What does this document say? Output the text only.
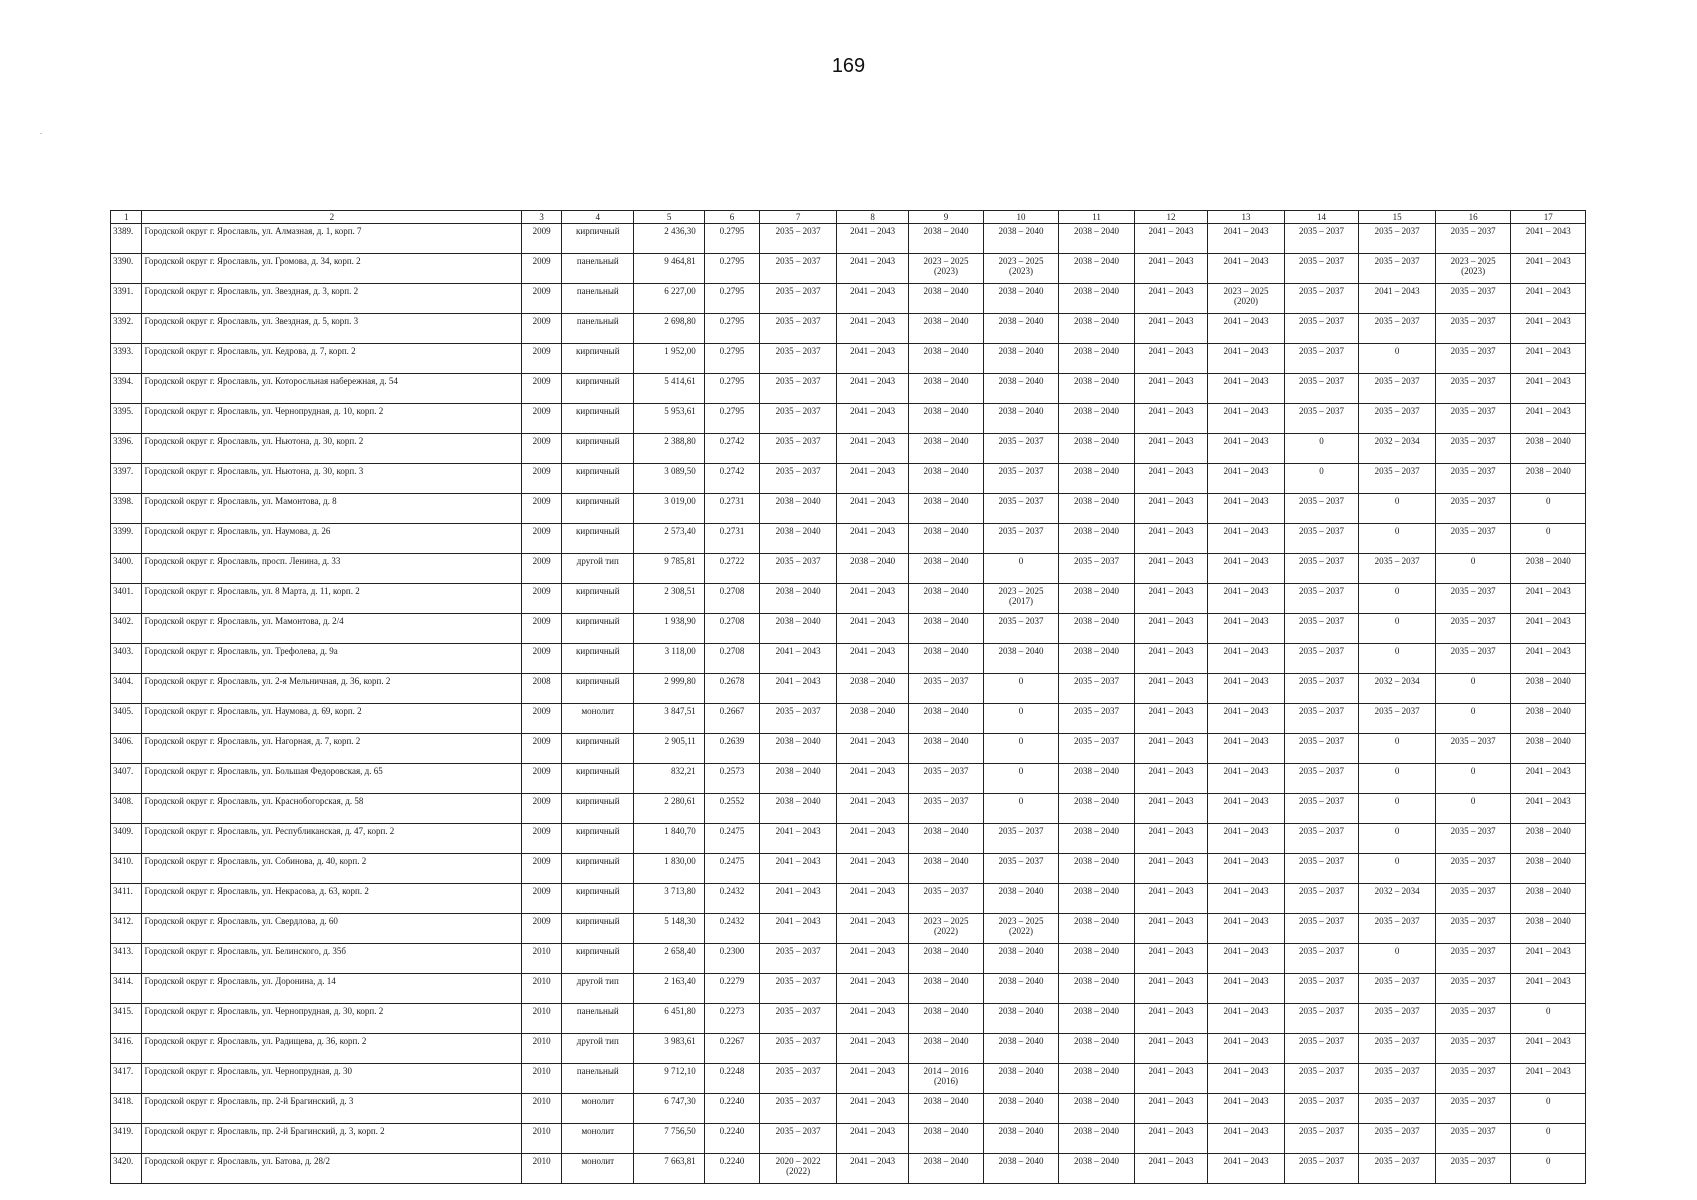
169
.
1	2	3	4	5	6	7	8	9	10	11	12	13	14	15	16	17
3389.	Городской округ г. Ярославль, ул. Алмазная, д. 1, корп. 7	2009	кирпичный	2 436,30	0.2795	2035 – 2037	2041 – 2043	2038 – 2040	2038 – 2040	2038 – 2040	2041 – 2043	2041 – 2043	2035 – 2037	2035 – 2037	2035 – 2037	2041 – 2043
3390.	Городской округ г. Ярославль, ул. Громова, д. 34, корп. 2	2009	панельный	9 464,81	0.2795	2035 – 2037	2041 – 2043	2023 – 2025
(2023)	2023 – 2025
(2023)	2038 – 2040	2041 – 2043	2041 – 2043	2035 – 2037	2035 – 2037	2023 – 2025
(2023)	2041 – 2043
3391.	Городской округ г. Ярославль, ул. Звездная, д. 3, корп. 2	2009	панельный	6 227,00	0.2795	2035 – 2037	2041 – 2043	2038 – 2040	2038 – 2040	2038 – 2040	2041 – 2043	2023 – 2025
(2020)	2035 – 2037	2041 – 2043	2035 – 2037	2041 – 2043
3392.	Городской округ г. Ярославль, ул. Звездная, д. 5, корп. 3	2009	панельный	2 698,80	0.2795	2035 – 2037	2041 – 2043	2038 – 2040	2038 – 2040	2038 – 2040	2041 – 2043	2041 – 2043	2035 – 2037	2035 – 2037	2035 – 2037	2041 – 2043
3393.	Городской округ г. Ярославль, ул. Кедрова, д. 7, корп. 2	2009	кирпичный	1 952,00	0.2795	2035 – 2037	2041 – 2043	2038 – 2040	2038 – 2040	2038 – 2040	2041 – 2043	2041 – 2043	2035 – 2037	0	2035 – 2037	2041 – 2043
3394.	Городской округ г. Ярославль, ул. Которосльная набережная, д. 54	2009	кирпичный	5 414,61	0.2795	2035 – 2037	2041 – 2043	2038 – 2040	2038 – 2040	2038 – 2040	2041 – 2043	2041 – 2043	2035 – 2037	2035 – 2037	2035 – 2037	2041 – 2043
3395.	Городской округ г. Ярославль, ул. Чернопрудная, д. 10, корп. 2	2009	кирпичный	5 953,61	0.2795	2035 – 2037	2041 – 2043	2038 – 2040	2038 – 2040	2038 – 2040	2041 – 2043	2041 – 2043	2035 – 2037	2035 – 2037	2035 – 2037	2041 – 2043
3396.	Городской округ г. Ярославль, ул. Ньютона, д. 30, корп. 2	2009	кирпичный	2 388,80	0.2742	2035 – 2037	2041 – 2043	2038 – 2040	2035 – 2037	2038 – 2040	2041 – 2043	2041 – 2043	0	2032 – 2034	2035 – 2037	2038 – 2040
3397.	Городской округ г. Ярославль, ул. Ньютона, д. 30, корп. 3	2009	кирпичный	3 089,50	0.2742	2035 – 2037	2041 – 2043	2038 – 2040	2035 – 2037	2038 – 2040	2041 – 2043	2041 – 2043	0	2035 – 2037	2035 – 2037	2038 – 2040
3398.	Городской округ г. Ярославль, ул. Мамонтова, д. 8	2009	кирпичный	3 019,00	0.2731	2038 – 2040	2041 – 2043	2038 – 2040	2035 – 2037	2038 – 2040	2041 – 2043	2041 – 2043	2035 – 2037	0	2035 – 2037	0
3399.	Городской округ г. Ярославль, ул. Наумова, д. 26	2009	кирпичный	2 573,40	0.2731	2038 – 2040	2041 – 2043	2038 – 2040	2035 – 2037	2038 – 2040	2041 – 2043	2041 – 2043	2035 – 2037	0	2035 – 2037	0
3400.	Городской округ г. Ярославль, просп. Ленина, д. 33	2009	другой тип	9 785,81	0.2722	2035 – 2037	2038 – 2040	2038 – 2040	0	2035 – 2037	2041 – 2043	2041 – 2043	2035 – 2037	2035 – 2037	0	2038 – 2040
3401.	Городской округ г. Ярославль, ул. 8 Марта, д. 11, корп. 2	2009	кирпичный	2 308,51	0.2708	2038 – 2040	2041 – 2043	2038 – 2040	2023 – 2025
(2017)	2038 – 2040	2041 – 2043	2041 – 2043	2035 – 2037	0	2035 – 2037	2041 – 2043
3402.	Городской округ г. Ярославль, ул. Мамонтова, д. 2/4	2009	кирпичный	1 938,90	0.2708	2038 – 2040	2041 – 2043	2038 – 2040	2035 – 2037	2038 – 2040	2041 – 2043	2041 – 2043	2035 – 2037	0	2035 – 2037	2041 – 2043
3403.	Городской округ г. Ярославль, ул. Трефолева, д. 9а	2009	кирпичный	3 118,00	0.2708	2041 – 2043	2041 – 2043	2038 – 2040	2038 – 2040	2038 – 2040	2041 – 2043	2041 – 2043	2035 – 2037	0	2035 – 2037	2041 – 2043
3404.	Городской округ г. Ярославль, ул. 2-я Мельничная, д. 36, корп. 2	2008	кирпичный	2 999,80	0.2678	2041 – 2043	2038 – 2040	2035 – 2037	0	2035 – 2037	2041 – 2043	2041 – 2043	2035 – 2037	2032 – 2034	0	2038 – 2040
3405.	Городской округ г. Ярославль, ул. Наумова, д. 69, корп. 2	2009	монолит	3 847,51	0.2667	2035 – 2037	2038 – 2040	2038 – 2040	0	2035 – 2037	2041 – 2043	2041 – 2043	2035 – 2037	2035 – 2037	0	2038 – 2040
3406.	Городской округ г. Ярославль, ул. Нагорная, д. 7, корп. 2	2009	кирпичный	2 905,11	0.2639	2038 – 2040	2041 – 2043	2038 – 2040	0	2035 – 2037	2041 – 2043	2041 – 2043	2035 – 2037	0	2035 – 2037	2038 – 2040
3407.	Городской округ г. Ярославль, ул. Большая Федоровская, д. 65	2009	кирпичный	832,21	0.2573	2038 – 2040	2041 – 2043	2035 – 2037	0	2038 – 2040	2041 – 2043	2041 – 2043	2035 – 2037	0	0	2041 – 2043
3408.	Городской округ г. Ярославль, ул. Краснобогорская, д. 58	2009	кирпичный	2 280,61	0.2552	2038 – 2040	2041 – 2043	2035 – 2037	0	2038 – 2040	2041 – 2043	2041 – 2043	2035 – 2037	0	0	2041 – 2043
3409.	Городской округ г. Ярославль, ул. Республиканская, д. 47, корп. 2	2009	кирпичный	1 840,70	0.2475	2041 – 2043	2041 – 2043	2038 – 2040	2035 – 2037	2038 – 2040	2041 – 2043	2041 – 2043	2035 – 2037	0	2035 – 2037	2038 – 2040
3410.	Городской округ г. Ярославль, ул. Собинова, д. 40, корп. 2	2009	кирпичный	1 830,00	0.2475	2041 – 2043	2041 – 2043	2038 – 2040	2035 – 2037	2038 – 2040	2041 – 2043	2041 – 2043	2035 – 2037	0	2035 – 2037	2038 – 2040
3411.	Городской округ г. Ярославль, ул. Некрасова, д. 63, корп. 2	2009	кирпичный	3 713,80	0.2432	2041 – 2043	2041 – 2043	2035 – 2037	2038 – 2040	2038 – 2040	2041 – 2043	2041 – 2043	2035 – 2037	2032 – 2034	2035 – 2037	2038 – 2040
3412.	Городской округ г. Ярославль, ул. Свердлова, д. 60	2009	кирпичный	5 148,30	0.2432	2041 – 2043	2041 – 2043	2023 – 2025
(2022)	2023 – 2025
(2022)	2038 – 2040	2041 – 2043	2041 – 2043	2035 – 2037	2035 – 2037	2035 – 2037	2038 – 2040
3413.	Городской округ г. Ярославль, ул. Белинского, д. 35б	2010	кирпичный	2 658,40	0.2300	2035 – 2037	2041 – 2043	2038 – 2040	2038 – 2040	2038 – 2040	2041 – 2043	2041 – 2043	2035 – 2037	0	2035 – 2037	2041 – 2043
3414.	Городской округ г. Ярославль, ул. Доронина, д. 14	2010	другой тип	2 163,40	0.2279	2035 – 2037	2041 – 2043	2038 – 2040	2038 – 2040	2038 – 2040	2041 – 2043	2041 – 2043	2035 – 2037	2035 – 2037	2035 – 2037	2041 – 2043
3415.	Городской округ г. Ярославль, ул. Чернопрудная, д. 30, корп. 2	2010	панельный	6 451,80	0.2273	2035 – 2037	2041 – 2043	2038 – 2040	2038 – 2040	2038 – 2040	2041 – 2043	2041 – 2043	2035 – 2037	2035 – 2037	2035 – 2037	0
3416.	Городской округ г. Ярославль, ул. Радищева, д. 36, корп. 2	2010	другой тип	3 983,61	0.2267	2035 – 2037	2041 – 2043	2038 – 2040	2038 – 2040	2038 – 2040	2041 – 2043	2041 – 2043	2035 – 2037	2035 – 2037	2035 – 2037	2041 – 2043
3417.	Городской округ г. Ярославль, ул. Чернопрудная, д. 30	2010	панельный	9 712,10	0.2248	2035 – 2037	2041 – 2043	2014 – 2016
(2016)	2038 – 2040	2038 – 2040	2041 – 2043	2041 – 2043	2035 – 2037	2035 – 2037	2035 – 2037	2041 – 2043
3418.	Городской округ г. Ярославль, пр. 2-й Брагинский, д. 3	2010	монолит	6 747,30	0.2240	2035 – 2037	2041 – 2043	2038 – 2040	2038 – 2040	2038 – 2040	2041 – 2043	2041 – 2043	2035 – 2037	2035 – 2037	2035 – 2037	0
3419.	Городской округ г. Ярославль, пр. 2-й Брагинский, д. 3, корп. 2	2010	монолит	7 756,50	0.2240	2035 – 2037	2041 – 2043	2038 – 2040	2038 – 2040	2038 – 2040	2041 – 2043	2041 – 2043	2035 – 2037	2035 – 2037	2035 – 2037	0
3420.	Городской округ г. Ярославль, ул. Батова, д. 28/2	2010	монолит	7 663,81	0.2240	2020 – 2022
(2022)	2041 – 2043	2038 – 2040	2038 – 2040	2038 – 2040	2041 – 2043	2041 – 2043	2035 – 2037	2035 – 2037	2035 – 2037	0
